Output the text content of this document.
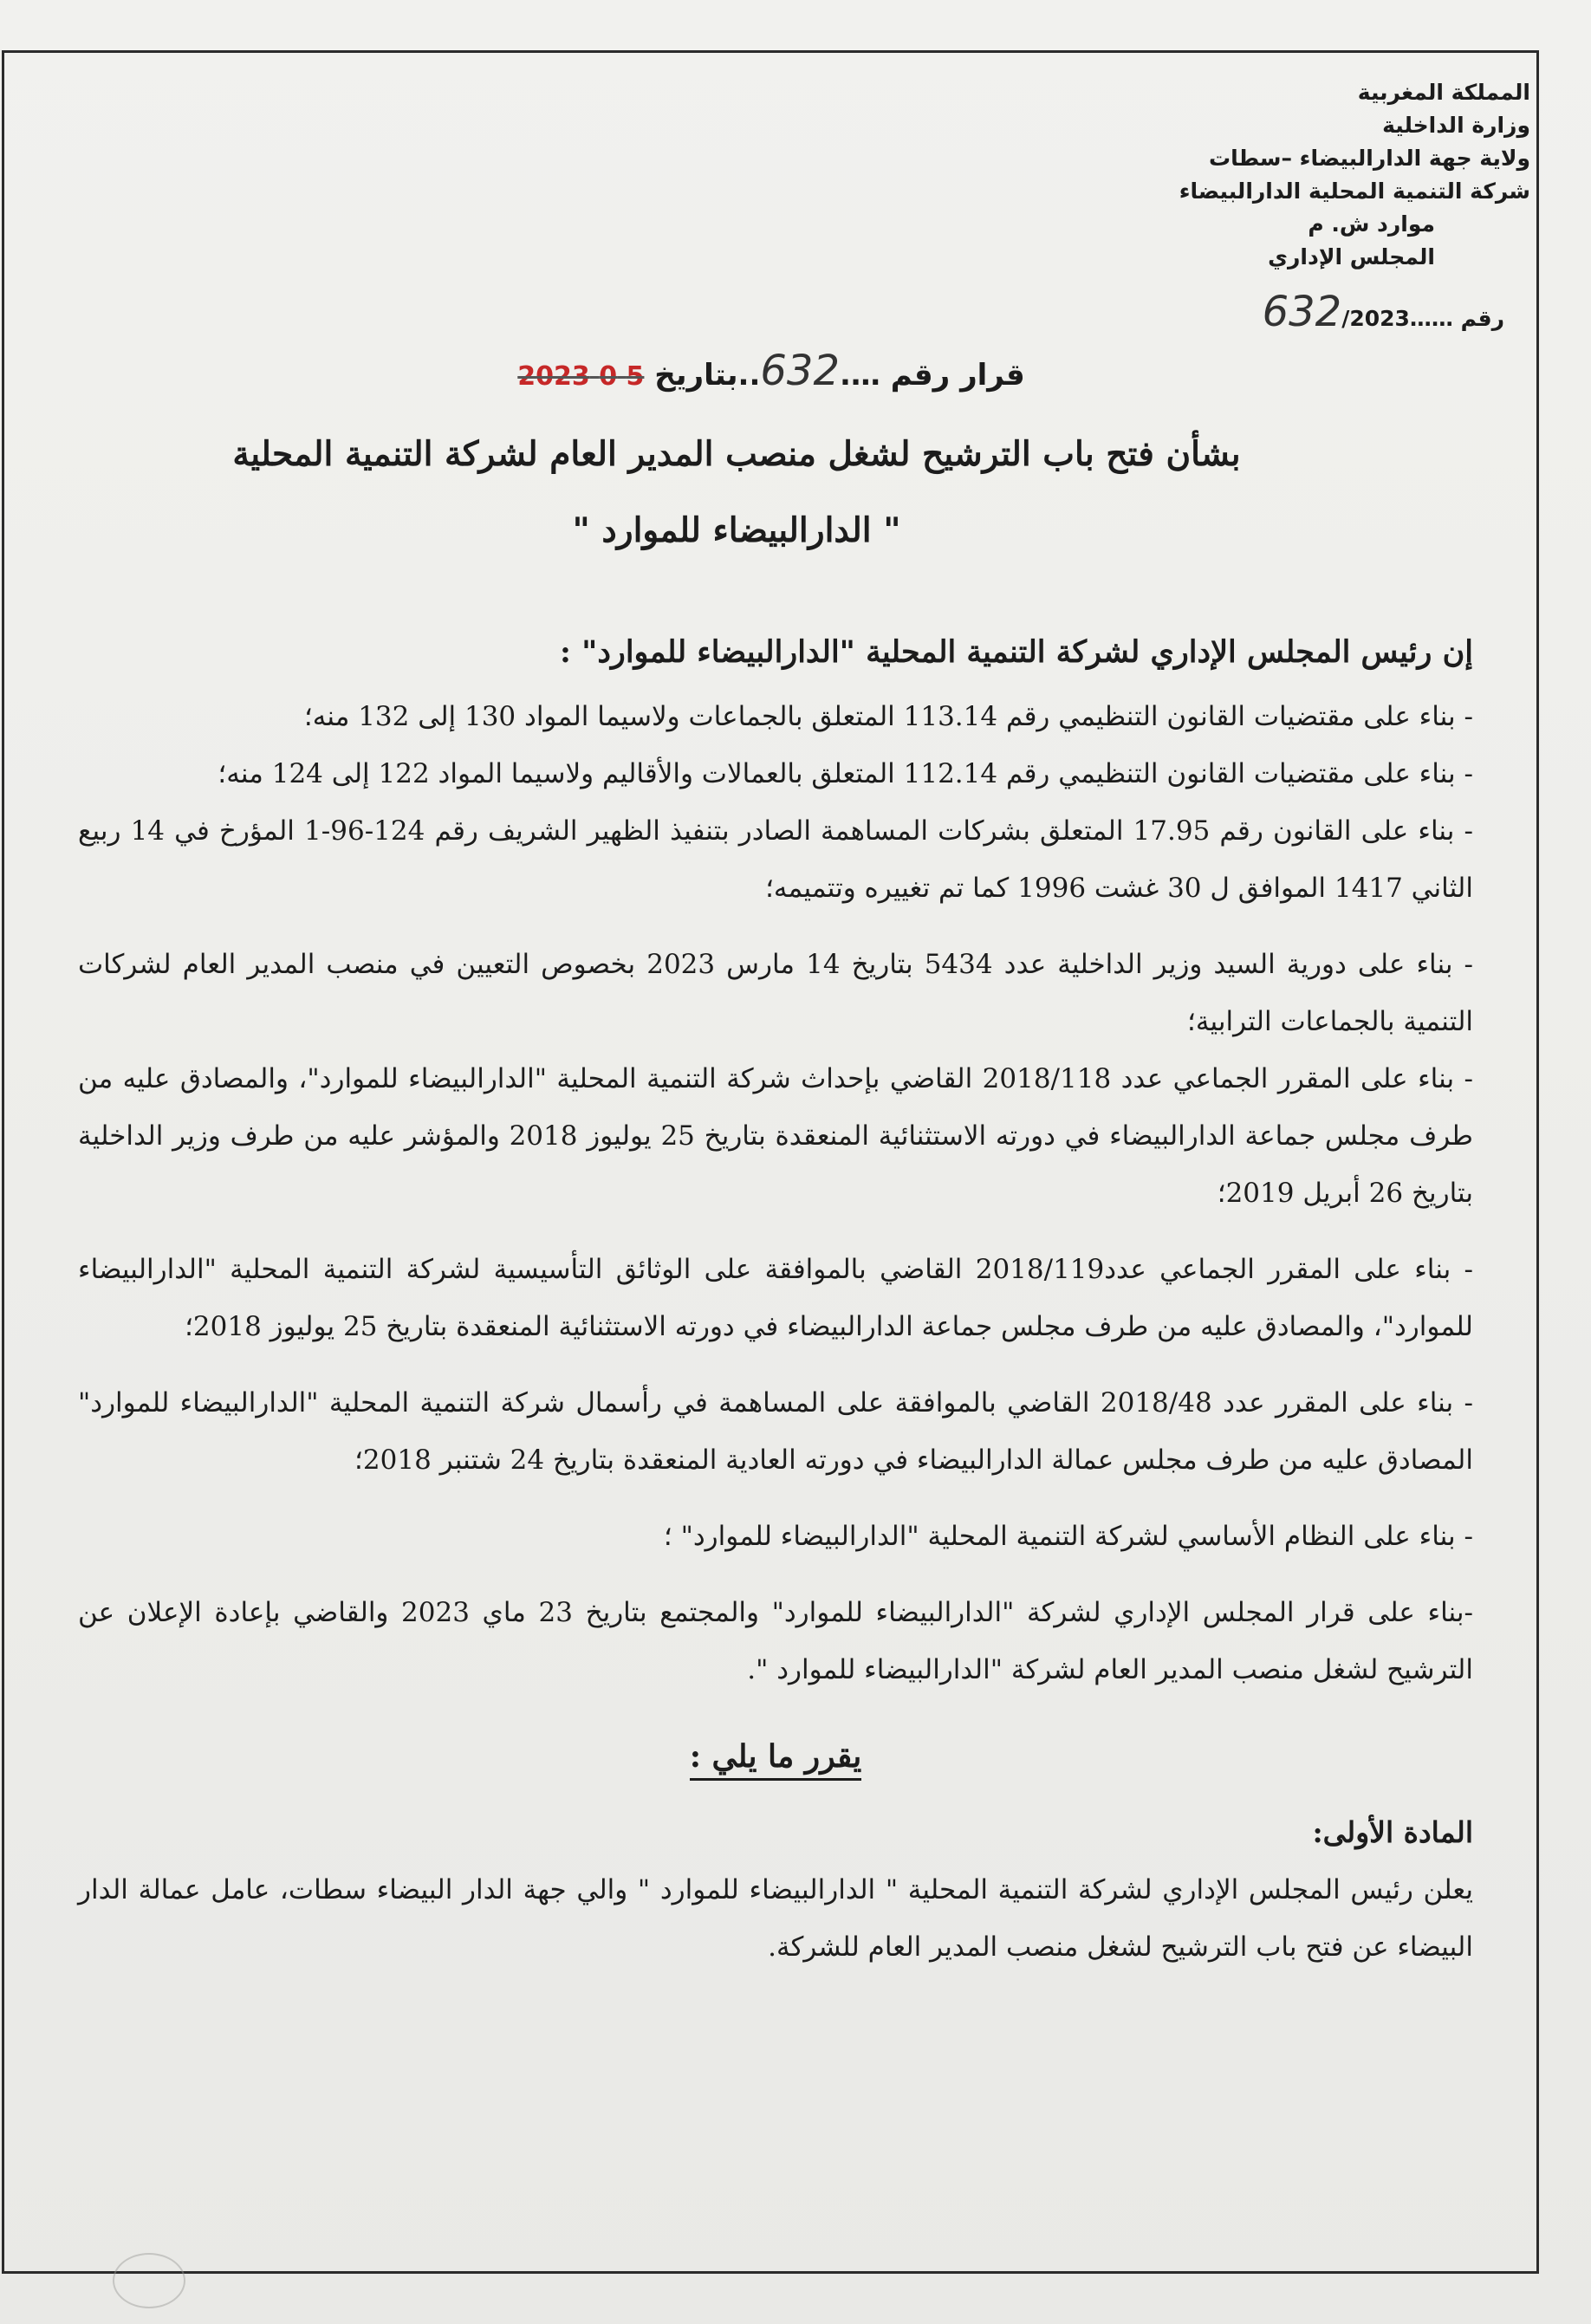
المملكة المغربية
وزارة الداخلية
ولاية جهة الدارالبيضاء –سطات
شركة التنمية المحلية الدارالبيضاء
موارد ش. م
المجلس الإداري
رقم ……632/2023
قرار رقم ….632..بتاريخ 5 0 2023
بشأن فتح باب الترشيح لشغل منصب المدير العام لشركة التنمية المحلية
" الدارالبيضاء للموارد "

إن رئيس المجلس الإداري لشركة التنمية المحلية "الدارالبيضاء للموارد" :

- بناء على مقتضيات القانون التنظيمي رقم 113.14 المتعلق بالجماعات ولاسيما المواد 130 إلى 132 منه؛

- بناء على مقتضيات القانون التنظيمي رقم 112.14 المتعلق بالعمالات والأقاليم ولاسيما المواد 122 إلى 124 منه؛

- بناء على القانون رقم 17.95 المتعلق بشركات المساهمة الصادر بتنفيذ الظهير الشريف رقم 124-96-1 المؤرخ في 14 ربيع الثاني 1417 الموافق ل 30 غشت 1996 كما تم تغييره وتتميمه؛

- بناء على دورية السيد وزير الداخلية عدد 5434 بتاريخ 14 مارس 2023 بخصوص التعيين في منصب المدير العام لشركات التنمية بالجماعات الترابية؛

- بناء على المقرر الجماعي عدد 2018/118 القاضي بإحداث شركة التنمية المحلية "الدارالبيضاء للموارد"، والمصادق عليه من طرف مجلس جماعة الدارالبيضاء في دورته الاستثنائية المنعقدة بتاريخ 25 يوليوز 2018 والمؤشر عليه من طرف وزير الداخلية بتاريخ 26 أبريل 2019؛

- بناء على المقرر الجماعي عدد2018/119 القاضي بالموافقة على الوثائق التأسيسية لشركة التنمية المحلية "الدارالبيضاء للموارد"، والمصادق عليه من طرف مجلس جماعة الدارالبيضاء في دورته الاستثنائية المنعقدة بتاريخ 25 يوليوز 2018؛

- بناء على المقرر عدد 2018/48 القاضي بالموافقة على المساهمة في رأسمال شركة التنمية المحلية "الدارالبيضاء للموارد" المصادق عليه من طرف مجلس عمالة الدارالبيضاء في دورته العادية المنعقدة بتاريخ 24 شتنبر 2018؛

- بناء على النظام الأساسي لشركة التنمية المحلية "الدارالبيضاء للموارد" ؛

-بناء على قرار المجلس الإداري لشركة "الدارالبيضاء للموارد" والمجتمع بتاريخ 23 ماي 2023 والقاضي بإعادة الإعلان عن الترشيح لشغل منصب المدير العام لشركة "الدارالبيضاء للموارد ".

يقرر ما يلي :

المادة الأولى:

يعلن رئيس المجلس الإداري لشركة التنمية المحلية " الدارالبيضاء للموارد " والي جهة الدار البيضاء سطات، عامل عمالة الدار البيضاء عن فتح باب الترشيح لشغل منصب المدير العام للشركة.
